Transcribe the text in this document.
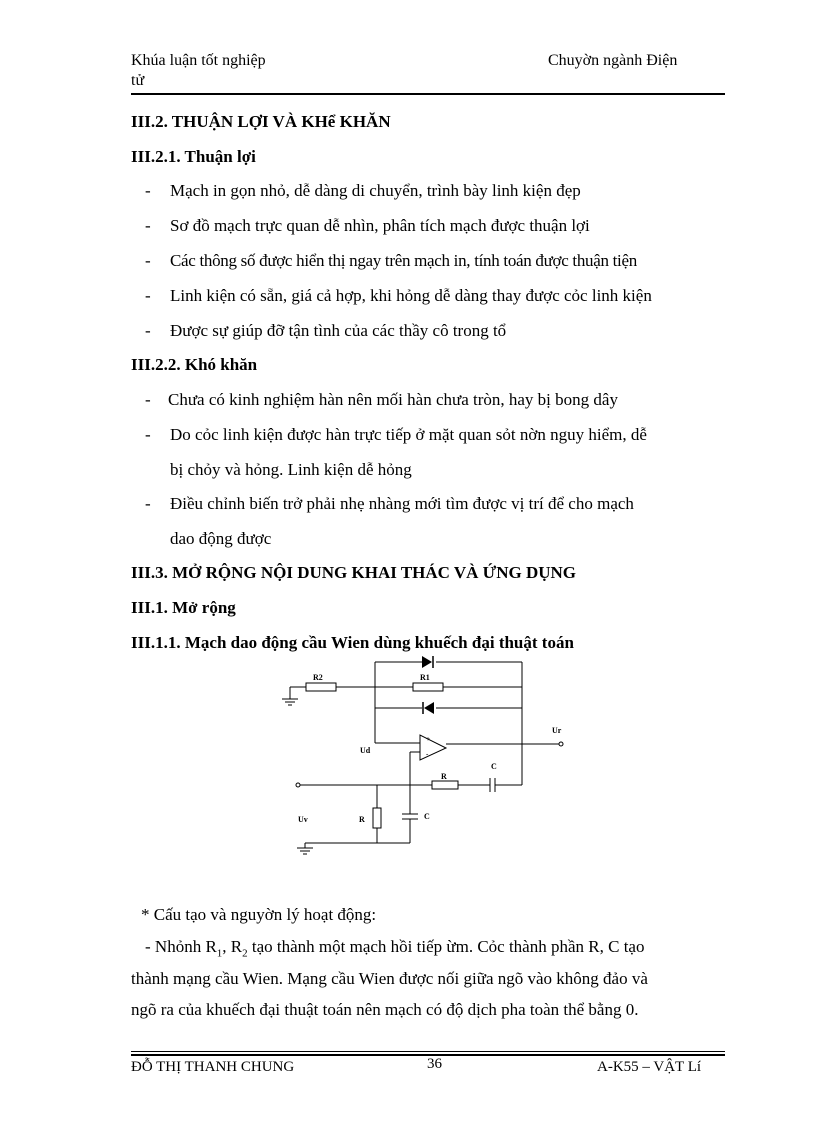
Khúa luận tốt nghiệp
tử
Chuyờn ngành Điện
III.2. THUẬN LỢI VÀ KHể KHĂN
III.2.1. Thuận lợi
- Mạch in gọn nhỏ, dễ dàng di chuyển, trình bày linh kiện đẹp
- Sơ đồ mạch trực quan dễ nhìn, phân tích mạch được thuận lợi
- Các thông số được hiển thị ngay trên mạch in, tính toán được thuận tiện
- Linh kiện có sẵn, giá cả hợp, khi hỏng dễ dàng thay được cỏc linh kiện
- Được sự giúp đỡ tận tình của các thầy cô trong tổ
III.2.2. Khó khăn
- Chưa có kinh nghiệm hàn nên mối hàn chưa tròn, hay bị bong dây
- Do cỏc linh kiện được hàn trực tiếp ở mặt quan sỏt nờn nguy hiểm, dễ
bị chỏy và hỏng. Linh kiện dễ hỏng
- Điều chỉnh biến trở phải nhẹ nhàng mới tìm được vị trí để cho mạch
dao động được
III.3. MỞ RỘNG NỘI DUNG KHAI THÁC VÀ ỨNG DỤNG
III.1. Mở rộng
III.1.1. Mạch dao động cầu Wien dùng khuếch đại thuật toán
+
-
R2	R1
Ud
Ur
Uv
R
C
R	C
* Cấu tạo và nguyờn lý hoạt động:
- Nhỏnh $R_1$, $R_2$ tạo thành một mạch hồi tiếp ừm. Cỏc thành phần R, C tạo
thành mạng cầu Wien. Mạng cầu Wien được nối giữa ngõ vào không đảo và
ngõ ra của khuếch đại thuật toán nên mạch có độ dịch pha toàn thể bằng 0.
ĐỖ THỊ THANH CHUNG	36	A-K55 – VẬT Lí
